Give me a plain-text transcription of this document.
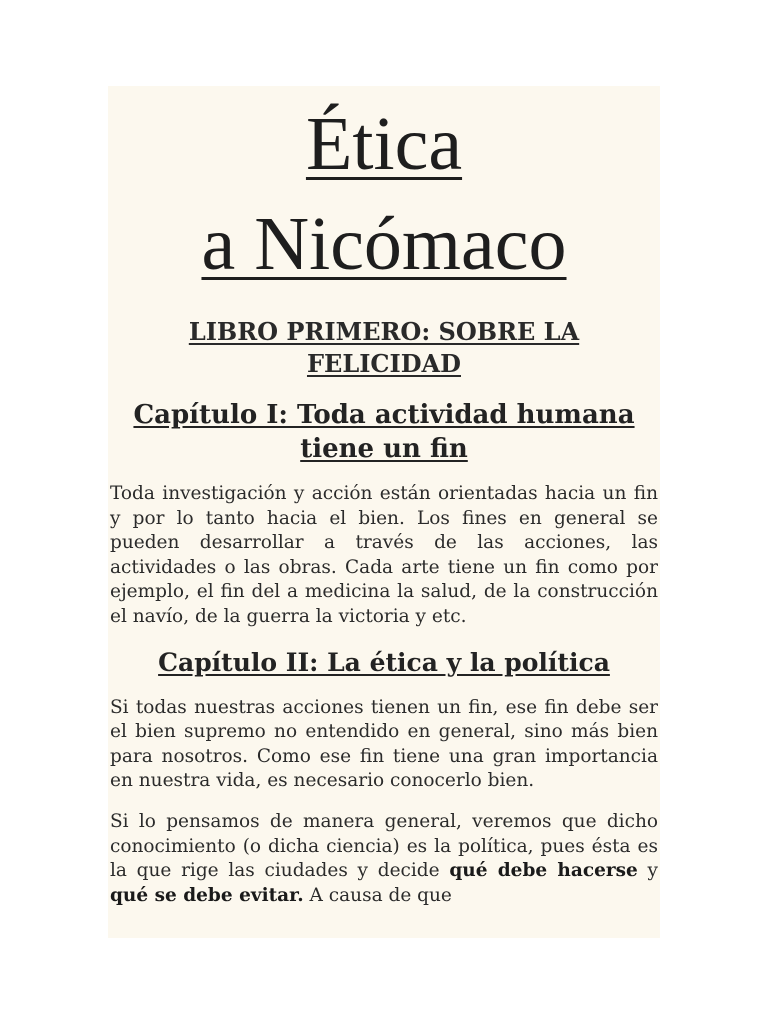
Ética
a Nicómaco
LIBRO PRIMERO: SOBRE LA FELICIDAD
Capítulo I: Toda actividad humana tiene un fin

Toda investigación y acción están orientadas hacia un fin y por lo tanto hacia el bien. Los fines en general se pueden desarrollar a través de las acciones, las actividades o las obras. Cada arte tiene un fin como por ejemplo, el fin del a medicina la salud, de la construcción el navío, de la guerra la victoria y etc.

Capítulo II: La ética y la política

Si todas nuestras acciones tienen un fin, ese fin debe ser el bien supremo no entendido en general, sino más bien para nosotros. Como ese fin tiene una gran importancia en nuestra vida, es necesario conocerlo bien.

Si lo pensamos de manera general, veremos que dicho conocimiento (o dicha ciencia) es la política, pues ésta es la que rige las ciudades y decide qué debe hacerse y qué se debe evitar. A causa de que
